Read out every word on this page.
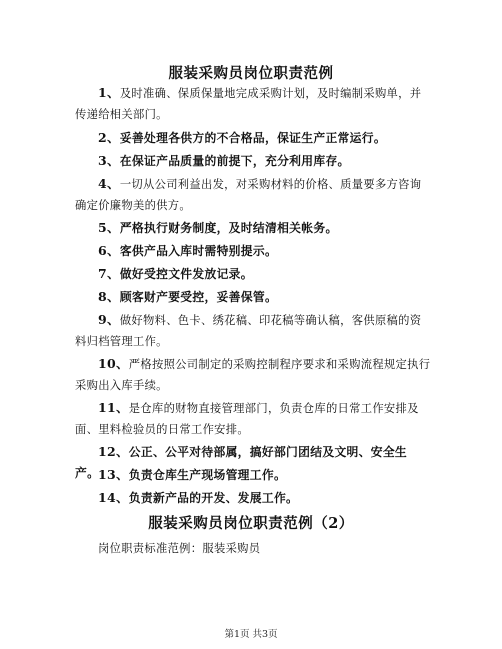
服装采购员岗位职责范例
1、及时准确、保质保量地完成采购计划，及时编制采购单，并传递给相关部门。
2、妥善处理各供方的不合格品，保证生产正常运行。
3、在保证产品质量的前提下，充分利用库存。
4、一切从公司利益出发，对采购材料的价格、质量要多方咨询确定价廉物美的供方。
5、严格执行财务制度，及时结清相关帐务。
6、客供产品入库时需特别提示。
7、做好受控文件发放记录。
8、顾客财产要受控，妥善保管。
9、做好物料、色卡、绣花稿、印花稿等确认稿，客供原稿的资料归档管理工作。
10、严格按照公司制定的采购控制程序要求和采购流程规定执行采购出入库手续。
11、是仓库的财物直接管理部门，负责仓库的日常工作安排及面、里料检验员的日常工作安排。
12、公正、公平对待部属，搞好部门团结及文明、安全生产。
13、负责仓库生产现场管理工作。
14、负责新产品的开发、发展工作。
服装采购员岗位职责范例（2）
岗位职责标准范例：服装采购员
第1页 共3页
